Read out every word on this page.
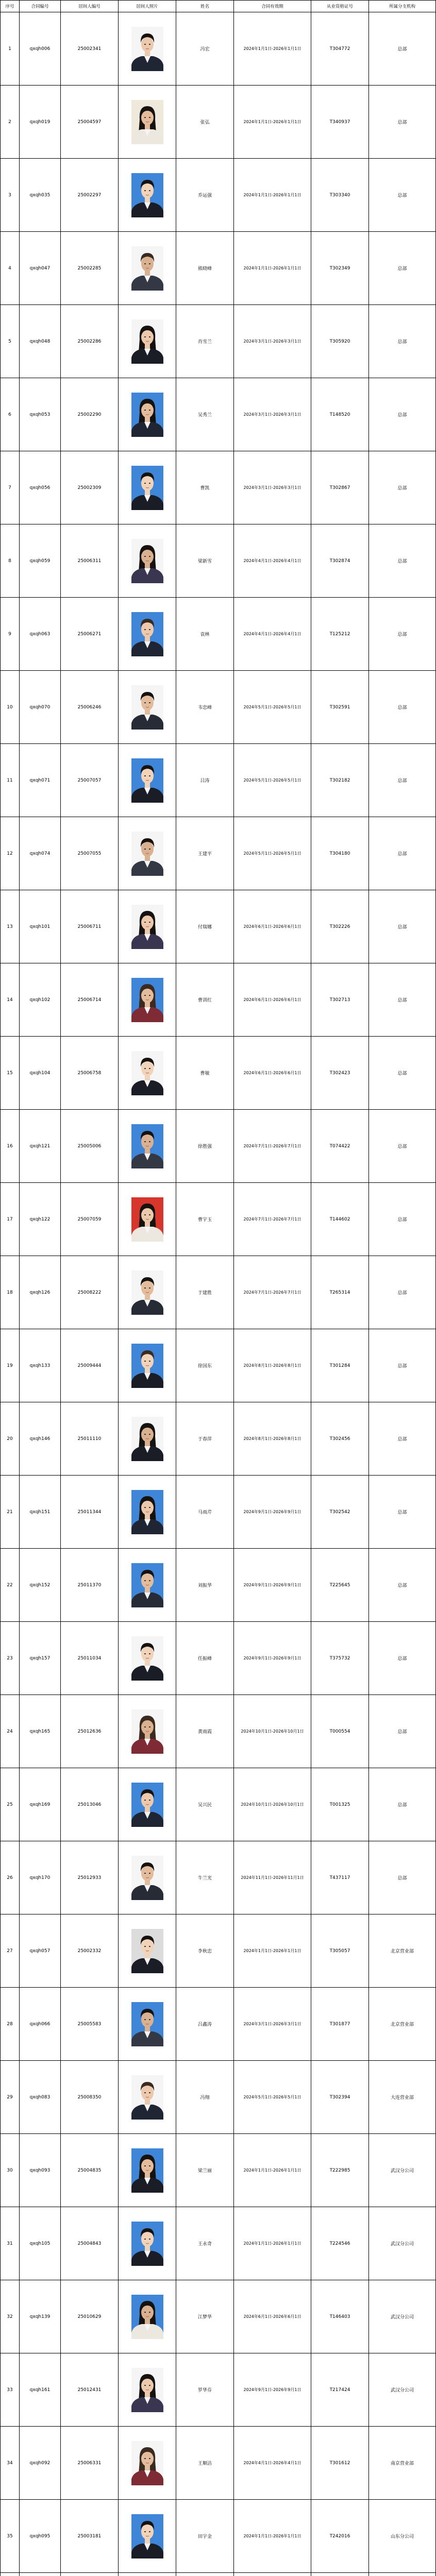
序号	合同编号	居间人编号	居间人照片	姓名	合同有效期	从业资格证号	所属分支机构
1	qxqh006	25002341	冯宏	2024年1月1日-2026年1月1日	T304772	总部
2	qxqh019	25004597	张弘	2024年1月1日-2026年1月1日	T340937	总部
3	qxqh035	25002297	乔运强	2024年1月1日-2026年1月1日	T303340	总部
4	qxqh047	25002285	熊晓峰	2024年1月1日-2026年1月1日	T302349	总部
5	qxqh048	25002286	肖雪兰	2024年3月1日-2026年3月1日	T305920	总部
6	qxqh053	25002290	吴秀兰	2024年3月1日-2026年3月1日	T148520	总部
7	qxqh056	25002309	曹凯	2024年3月1日-2026年3月1日	T302867	总部
8	qxqh059	25006311	梁新雪	2024年4月1日-2026年4月1日	T302874	总部
9	qxqh063	25006271	袁林	2024年4月1日-2026年4月1日	T125212	总部
10	qxqh070	25006246	韦忠峰	2024年5月1日-2026年5月1日	T302591	总部
11	qxqh071	25007057	吕涛	2024年5月1日-2026年5月1日	T302182	总部
12	qxqh074	25007055	王建平	2024年5月1日-2026年5月1日	T304180	总部
13	qxqh101	25006711	付瑞娜	2024年6月1日-2026年6月1日	T302226	总部
14	qxqh102	25006714	曹训红	2024年6月1日-2026年6月1日	T302713	总部
15	qxqh104	25006758	曹敏	2024年6月1日-2026年6月1日	T302423	总部
16	qxqh121	25005006	徐胜强	2024年7月1日-2026年7月1日	T074422	总部
17	qxqh122	25007059	曹宇玉	2024年7月1日-2026年7月1日	T144602	总部
18	qxqh126	25008222	于建胜	2024年7月1日-2026年7月1日	T265314	总部
19	qxqh133	25009444	徐国东	2024年8月1日-2026年8月1日	T301284	总部
20	qxqh146	25011110	于春萍	2024年8月1日-2026年8月1日	T302456	总部
21	qxqh151	25011344	马雨芹	2024年9月1日-2026年9月1日	T302542	总部
22	qxqh152	25011370	刘振华	2024年9月1日-2026年9月1日	T225645	总部
23	qxqh157	25011034	任振峰	2024年9月1日-2026年9月1日	T375732	总部
24	qxqh165	25012636	黄雨霞	2024年10月1日-2026年10月1日	T000554	总部
25	qxqh169	25013046	吴兴民	2024年10月1日-2026年10月1日	T001325	总部
26	qxqh170	25012933	牛兰光	2024年11月1日-2026年11月1日	T437117	总部
27	qxqh057	25002332	李秋忠	2024年1月1日-2026年1月1日	T305057	北京营业部
28	qxqh066	25005583	吕鑫涛	2024年3月1日-2026年3月1日	T301877	北京营业部
29	qxqh083	25008350	冯翔	2024年5月1日-2026年5月1日	T302394	大连营业部
30	qxqh093	25004835	梁兰丽	2024年1月1日-2026年1月1日	T222985	武汉分公司
31	qxqh105	25004843	王永奇	2024年1月1日-2026年1月1日	T224546	武汉分公司
32	qxqh139	25010629	江梦华	2024年6月1日-2026年6月1日	T146403	武汉分公司
33	qxqh161	25012431	罗华芬	2024年9月1日-2026年9月1日	T217424	武汉分公司
34	qxqh092	25006331	王顺洁	2024年4月1日-2026年4月1日	T301612	南京营业部
35	qxqh095	25003181	田宇金	2024年1月1日-2026年1月1日	T242016	山东分公司
